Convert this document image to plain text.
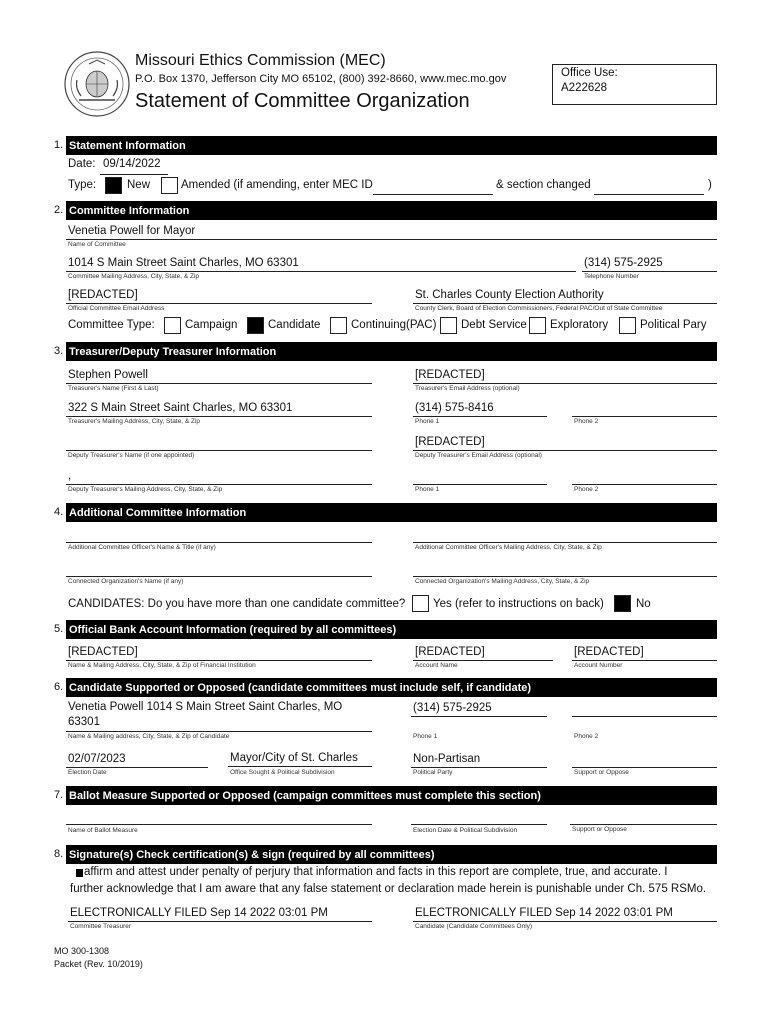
Missouri Ethics Commission (MEC)
P.O. Box 1370, Jefferson City MO 65102, (800) 392-8660, www.mec.mo.gov
Statement of Committee Organization
Office Use:
A222628
1. Statement Information
Date: 09/14/2022
Type:	New	Amended (if amending, enter MEC ID	& section changed	)
2. Committee Information
Venetia Powell for Mayor
Name of Committee
1014 S Main Street Saint Charles, MO 63301
Committee Mailing Address, City, State, & Zip
(314) 575-2925
Telephone Number
[REDACTED]
Official Committee Email Address
St. Charles County Election Authority
County Clerk, Board of Election Commissioners, Federal PAC/Out of State Committee
Committee Type:	Campaign	Candidate	Continuing(PAC) Debt Service Exploratory	Political Pary
3. Treasurer/Deputy Treasurer Information
Stephen Powell
Treasurer's Name (First & Last)
[REDACTED]
Treasurer's Email Address (optional)
322 S Main Street Saint Charles, MO 63301
Treasurer's Mailing Address, City, State, & Zip
(314) 575-8416
Phone 1	Phone 2
Deputy Treasurer's Name (if one appointed)
[REDACTED]
Deputy Treasurer's Email Address (optional)
,
Deputy Treasurer's Mailing Address, City, State, & Zip	Phone 1	Phone 2
4. Additional Committee Information
Additional Committee Officer's Name & Title (if any)	Additional Committee Officer's Mailing Address, City, State, & Zip
Connected Organization's Name (if any)	Connected Organization's Mailing Address, City, State, & Zip
CANDIDATES: Do you have more than one candidate committee? Yes (refer to instructions on back)	No
5. Official Bank Account Information (required by all committees)
[REDACTED]
Name & Mailing Address, City, State, & Zip of Financial Institution
[REDACTED]
Account Name
[REDACTED]
Account Number
6. Candidate Supported or Opposed (candidate committees must include self, if candidate)
Venetia Powell 1014 S Main Street Saint Charles, MO
63301
Name & Mailing address, City, State, & Zip of Candidate
(314) 575-2925
Phone 1	Phone 2
02/07/2023
Election Date
Mayor/City of St. Charles
Office Sought & Political Subdivision
Non-Partisan
Political Party	Support or Oppose
7. Ballot Measure Supported or Opposed (campaign committees must complete this section)
Name of Ballot Measure	Election Date & Political Subdivision	Support or Oppose
8. Signature(s) Check certification(s) & sign (required by all committees)
affirm and attest under penalty of perjury that information and facts in this report are complete, true, and accurate. I
further acknowledge that I am aware that any false statement or declaration made herein is punishable under Ch. 575 RSMo.
ELECTRONICALLY FILED Sep 14 2022 03:01 PM
Committee Treasurer
ELECTRONICALLY FILED Sep 14 2022 03:01 PM
Candidate (Candidate Committees Only)
MO 300-1308
Packet (Rev. 10/2019)
